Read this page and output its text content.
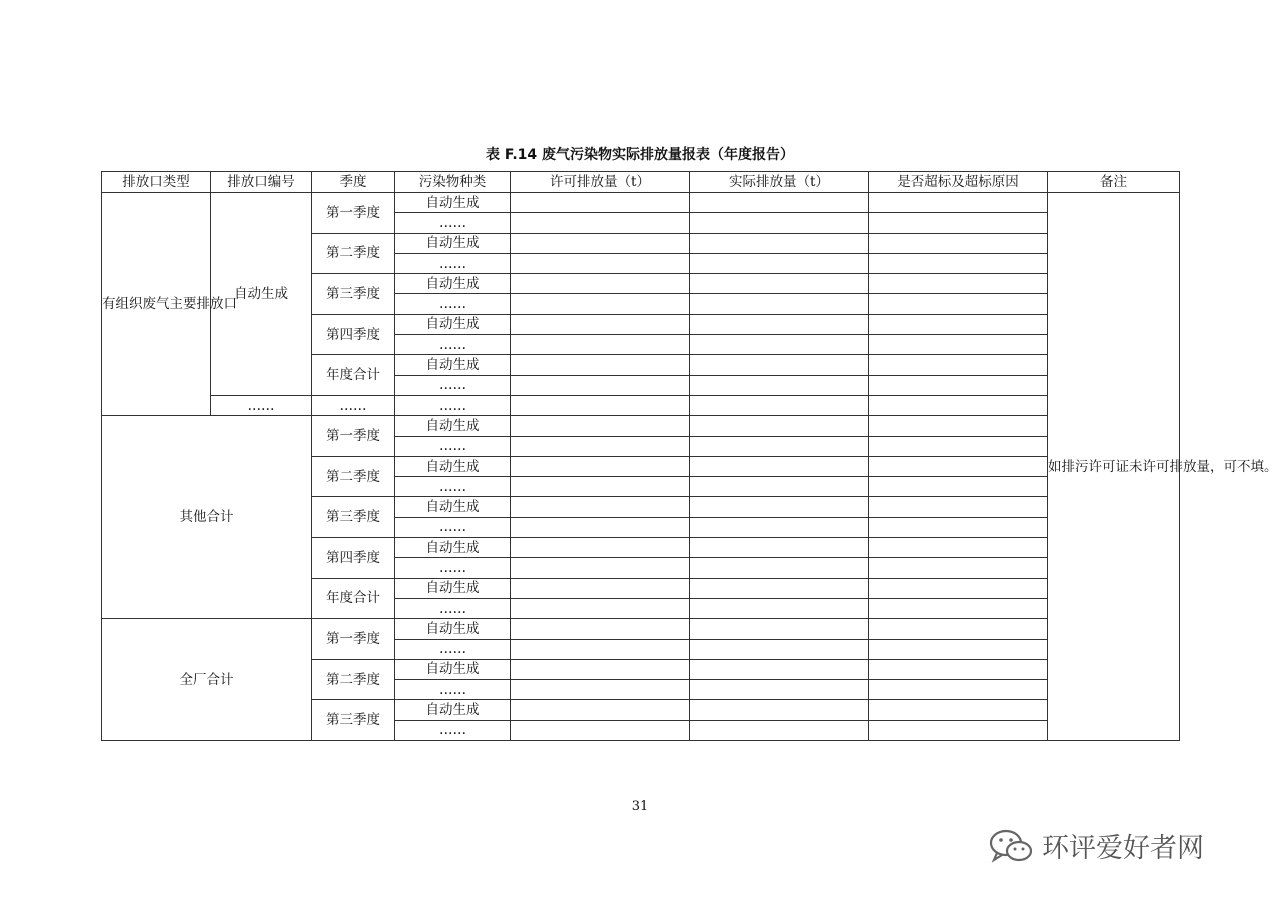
表 F.14 废气污染物实际排放量报表（年度报告）
排放口类型	排放口编号	季度	污染物种类	许可排放量（t）	实际排放量（t）	是否超标及超标原因	备注
有组织废气主要排放口	自动生成	第一季度	自动生成				如排污许可证未许可排放量，可不填。
			……				
		第二季度	自动生成				
			……				
		第三季度	自动生成				
			……				
		第四季度	自动生成				
			……				
		年度合计	自动生成				
			……				
	……	……	……				
其他合计		第一季度	自动生成				
			……				
		第二季度	自动生成				
			……				
		第三季度	自动生成				
			……				
		第四季度	自动生成				
			……				
		年度合计	自动生成				
			……				
全厂合计		第一季度	自动生成				
			……				
		第二季度	自动生成				
			……				
		第三季度	自动生成				
			……				
31
环评爱好者网
